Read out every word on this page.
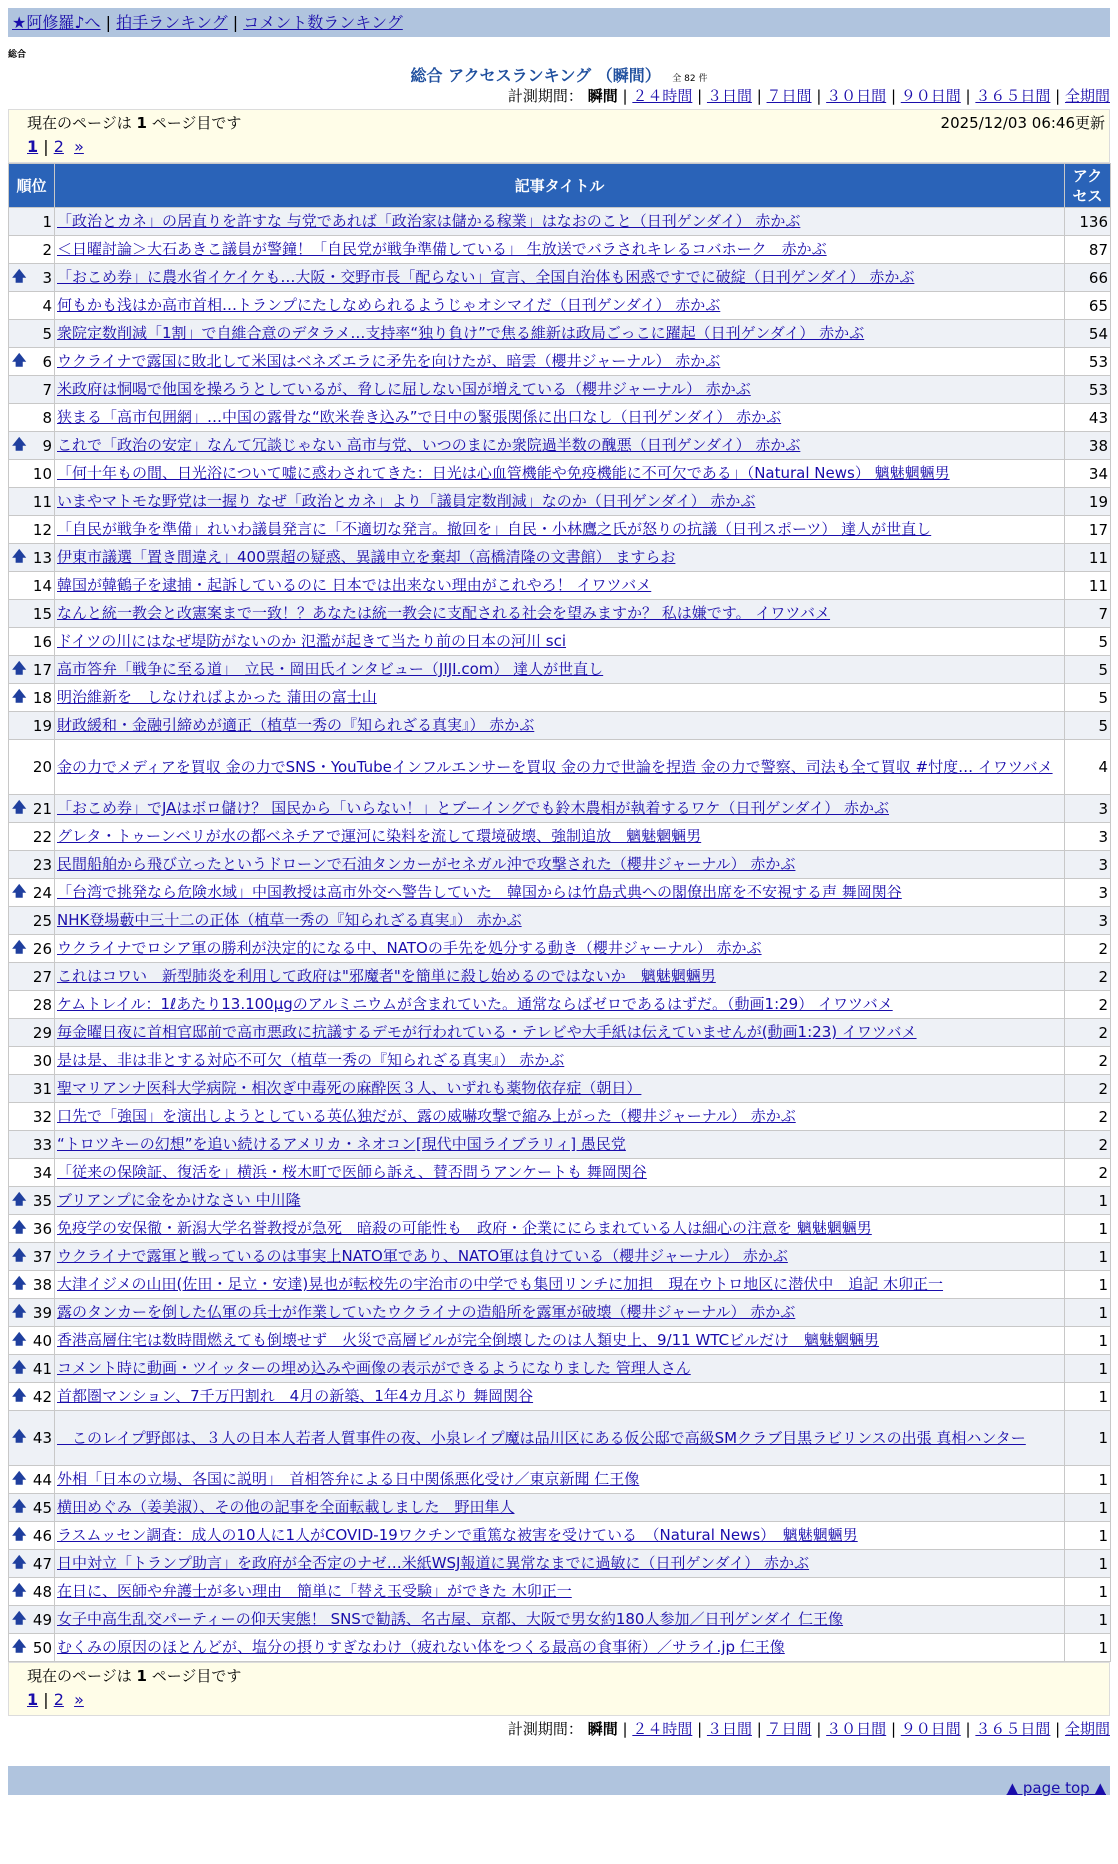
★阿修羅♪へ | 拍手ランキング | コメント数ランキング
総合
総合 アクセスランキング （瞬間） 全 82 件
計測期間： 瞬間 | ２４時間 | ３日間 | ７日間 | ３０日間 | ９０日間 | ３６５日間 | 全期間
現在のページは 1 ページ目です	2025/12/03 06:46更新
1 | 2 »
順位	記事タイトル	アクセス
1	「政治とカネ」の居直りを許すな 与党であれば「政治家は儲かる稼業」はなおのこと（日刊ゲンダイ） 赤かぶ	136
2	＜日曜討論＞大石あきこ議員が警鐘！「自民党が戦争準備している」 生放送でバラされキレるコバホーク　赤かぶ	87

🡅 3	「おこめ券」に農水省イケイケも…大阪・交野市長「配らない」宣言、全国自治体も困惑ですでに破綻（日刊ゲンダイ） 赤かぶ	66
4	何もかも浅はか高市首相…トランプにたしなめられるようじゃオシマイだ（日刊ゲンダイ） 赤かぶ	65
5	衆院定数削減「1割」で自維合意のデタラメ…支持率“独り負け”で焦る維新は政局ごっこに躍起（日刊ゲンダイ） 赤かぶ	54

🡅 6	ウクライナで露国に敗北して米国はベネズエラに矛先を向けたが、暗雲（櫻井ジャーナル） 赤かぶ	53
7	米政府は恫喝で他国を操ろうとしているが、脅しに屈しない国が増えている（櫻井ジャーナル） 赤かぶ	53
8	狭まる「高市包囲網」…中国の露骨な“欧米巻き込み”で日中の緊張関係に出口なし（日刊ゲンダイ） 赤かぶ	43

🡅 9	これで「政治の安定」なんて冗談じゃない 高市与党、いつのまにか衆院過半数の醜悪（日刊ゲンダイ） 赤かぶ	38
10	「何十年もの間、日光浴について嘘に惑わされてきた：日光は心血管機能や免疫機能に不可欠である」（Natural News） 魑魅魍魎男	34
11	いまやマトモな野党は一握り なぜ「政治とカネ」より「議員定数削減」なのか（日刊ゲンダイ） 赤かぶ	19
12	「自民が戦争を準備」れいわ議員発言に「不適切な発言。撤回を」自民・小林鷹之氏が怒りの抗議（日刊スポーツ） 達人が世直し	17

🡅 13	伊東市議選「置き間違え」400票超の疑惑、異議申立を棄却（高橋清隆の文書館） ますらお	11
14	韓国が韓鶴子を逮捕・起訴しているのに 日本では出来ない理由がこれやろ！ イワツバメ	11
15	なんと統一教会と改憲案まで一致！？あなたは統一教会に支配される社会を望みますか？ 私は嫌です。 イワツバメ	7
16	ドイツの川にはなぜ堤防がないのか 氾濫が起きて当たり前の日本の河川 sci	5

🡅 17	高市答弁「戦争に至る道」　立民・岡田氏インタビュー（JIJI.com） 達人が世直し	5

🡅 18	明治維新を　しなければよかった 蒲田の富士山	5
19	財政緩和・金融引締めが適正（植草一秀の『知られざる真実』） 赤かぶ	5
20	金の力でメディアを買収 金の力でSNS・YouTubeインフルエンサーを買収 金の力で世論を捏造 金の力で警察、司法も全て買収 #忖度… イワツバメ	4

🡅 21	「おこめ券」でJAはボロ儲け？ 国民から「いらない！」とブーイングでも鈴木農相が執着するワケ（日刊ゲンダイ） 赤かぶ	3
22	グレタ・トゥーンベリが水の都ベネチアで運河に染料を流して環境破壊、強制追放　魑魅魍魎男	3
23	民間船舶から飛び立ったというドローンで石油タンカーがセネガル沖で攻撃された（櫻井ジャーナル） 赤かぶ	3

🡅 24	「台湾で挑発なら危険水域」中国教授は高市外交へ警告していた　韓国からは竹島式典への閣僚出席を不安視する声 舞岡関谷	3
25	NHK登場藪中三十二の正体（植草一秀の『知られざる真実』） 赤かぶ	3

🡅 26	ウクライナでロシア軍の勝利が決定的になる中、NATOの手先を処分する動き（櫻井ジャーナル） 赤かぶ	2
27	これはコワい　新型肺炎を利用して政府は"邪魔者"を簡単に殺し始めるのではないか　魑魅魍魎男	2
28	ケムトレイル：1ℓあたり13.100μgのアルミニウムが含まれていた。通常ならばゼロであるはずだ。（動画1:29） イワツバメ	2
29	毎金曜日夜に首相官邸前で高市悪政に抗議するデモが行われている・テレビや大手紙は伝えていませんが(動画1:23) イワツバメ	2
30	是は是、非は非とする対応不可欠（植草一秀の『知られざる真実』） 赤かぶ	2
31	聖マリアンナ医科大学病院・相次ぎ中毒死の麻酔医３人、いずれも薬物依存症（朝日）	2
32	口先で「強国」を演出しようとしている英仏独だが、露の威嚇攻撃で縮み上がった（櫻井ジャーナル） 赤かぶ	2
33	“トロツキーの幻想”を追い続けるアメリカ・ネオコン[現代中国ライブラリィ] 愚民党	2
34	「従来の保険証、復活を」横浜・桜木町で医師ら訴え、賛否問うアンケートも 舞岡関谷	2

🡅 35	ブリアンプに金をかけなさい 中川隆	1

🡅 36	免疫学の安保徹・新潟大学名誉教授が急死　暗殺の可能性も　政府・企業ににらまれている人は細心の注意を 魑魅魍魎男	1

🡅 37	ウクライナで露軍と戦っているのは事実上NATO軍であり、NATO軍は負けている（櫻井ジャーナル） 赤かぶ	1

🡅 38	大津イジメの山田(佐田・足立・安達)晃也が転校先の宇治市の中学でも集団リンチに加担　現在ウトロ地区に潜伏中　追記 木卯正一	1

🡅 39	露のタンカーを倒した仏軍の兵士が作業していたウクライナの造船所を露軍が破壊（櫻井ジャーナル） 赤かぶ	1

🡅 40	香港高層住宅は数時間燃えても倒壊せず　火災で高層ビルが完全倒壊したのは人類史上、9/11 WTCビルだけ　魑魅魍魎男	1

🡅 41	コメント時に動画・ツイッターの埋め込みや画像の表示ができるようになりました 管理人さん	1

🡅 42	首都圏マンション、7千万円割れ　4月の新築、1年4カ月ぶり 舞岡関谷	1

🡅 43	　このレイプ野郎は、３人の日本人若者人質事件の夜、小泉レイプ魔は品川区にある仮公邸で高級SMクラブ目黒ラビリンスの出張 真相ハンター	1

🡅 44	外相「日本の立場、各国に説明」　首相答弁による日中関係悪化受け／東京新聞 仁王像	1

🡅 45	横田めぐみ（姜美淑）、その他の記事を全面転載しました　野田隼人	1

🡅 46	ラスムッセン調査：成人の10人に1人がCOVID-19ワクチンで重篤な被害を受けている　（Natural News）　魑魅魍魎男	1

🡅 47	日中対立「トランプ助言」を政府が全否定のナゼ…米紙WSJ報道に異常なまでに過敏に（日刊ゲンダイ） 赤かぶ	1

🡅 48	在日に、医師や弁護士が多い理由　簡単に「替え玉受験」ができた 木卯正一	1

🡅 49	女子中高生乱交パーティーの仰天実態！ SNSで勧誘、名古屋、京都、大阪で男女約180人参加／日刊ゲンダイ 仁王像	1

🡅 50	むくみの原因のほとんどが、塩分の摂りすぎなわけ（疲れない体をつくる最高の食事術）／サライ.jp 仁王像	1
現在のページは 1 ページ目です
1 | 2 »
計測期間： 瞬間 | ２４時間 | ３日間 | ７日間 | ３０日間 | ９０日間 | ３６５日間 | 全期間
▲ page top ▲
